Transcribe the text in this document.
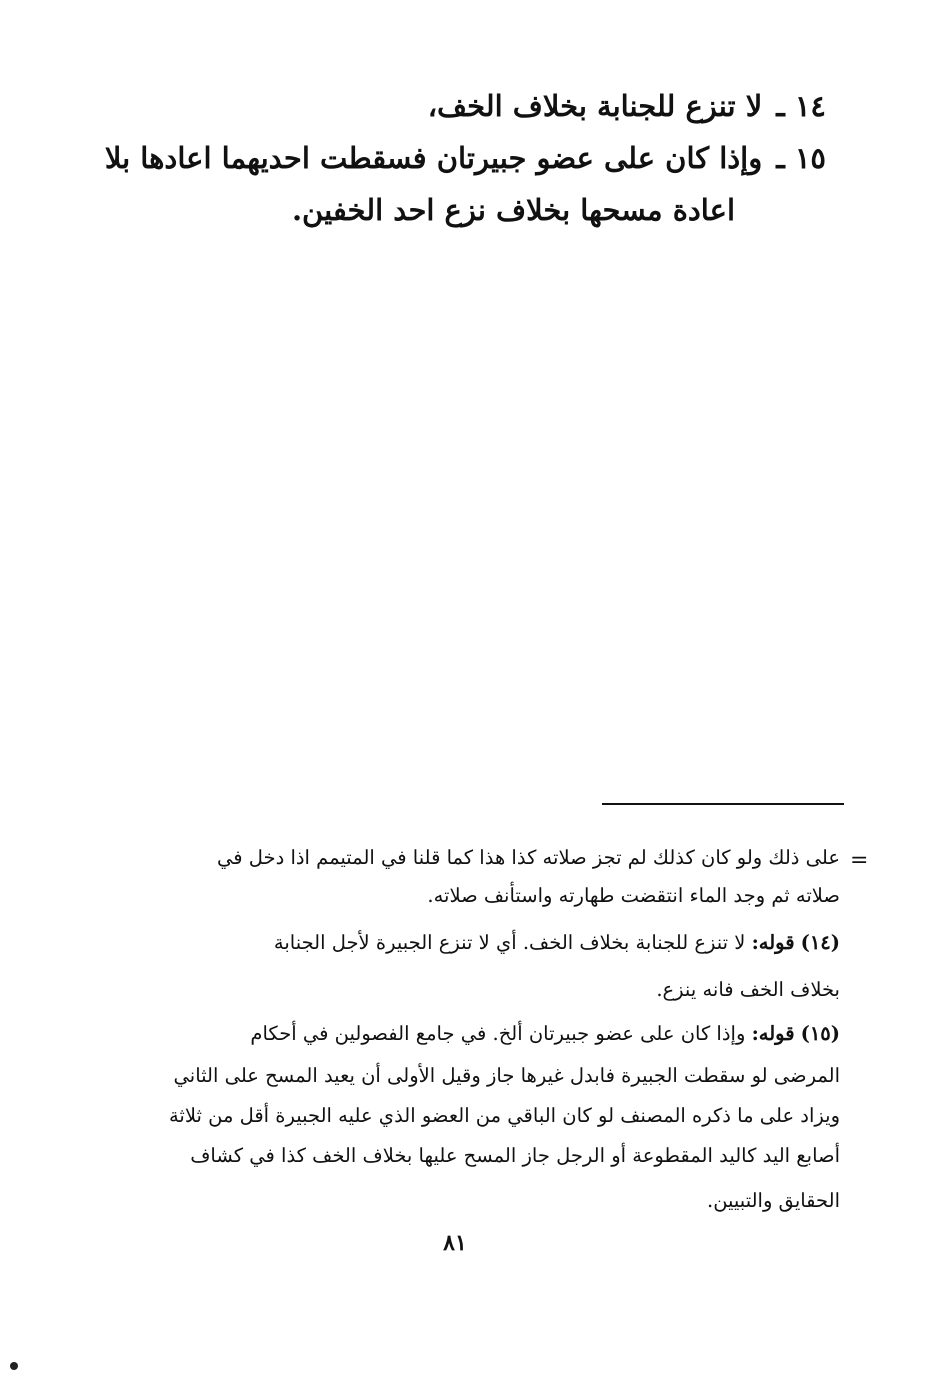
١٤ ـلا تنزع للجنابة بخلاف الخف،
١٥ ـوإذا كان على عضو جبيرتان فسقطت احديهما اعادها بلا
اعادة مسحها بخلاف نزع احد الخفين.
=
على ذلك ولو كان كذلك لم تجز صلاته كذا هذا كما قلنا في المتيمم اذا دخل في
صلاته ثم وجد الماء انتقضت طهارته واستأنف صلاته.
(١٤)قوله: لا تنزع للجنابة بخلاف الخف. أي لا تنزع الجبيرة لأجل الجنابة
بخلاف الخف فانه ينزع.
(١٥)قوله: وإذا كان على عضو جبيرتان ألخ. في جامع الفصولين في أحكام
المرضى لو سقطت الجبيرة فابدل غيرها جاز وقيل الأولى أن يعيد المسح على الثاني
ويزاد على ما ذكره المصنف لو كان الباقي من العضو الذي عليه الجبيرة أقل من ثلاثة
أصابع اليد كاليد المقطوعة أو الرجل جاز المسح عليها بخلاف الخف كذا في كشاف
الحقايق والتبيين.
٨١
